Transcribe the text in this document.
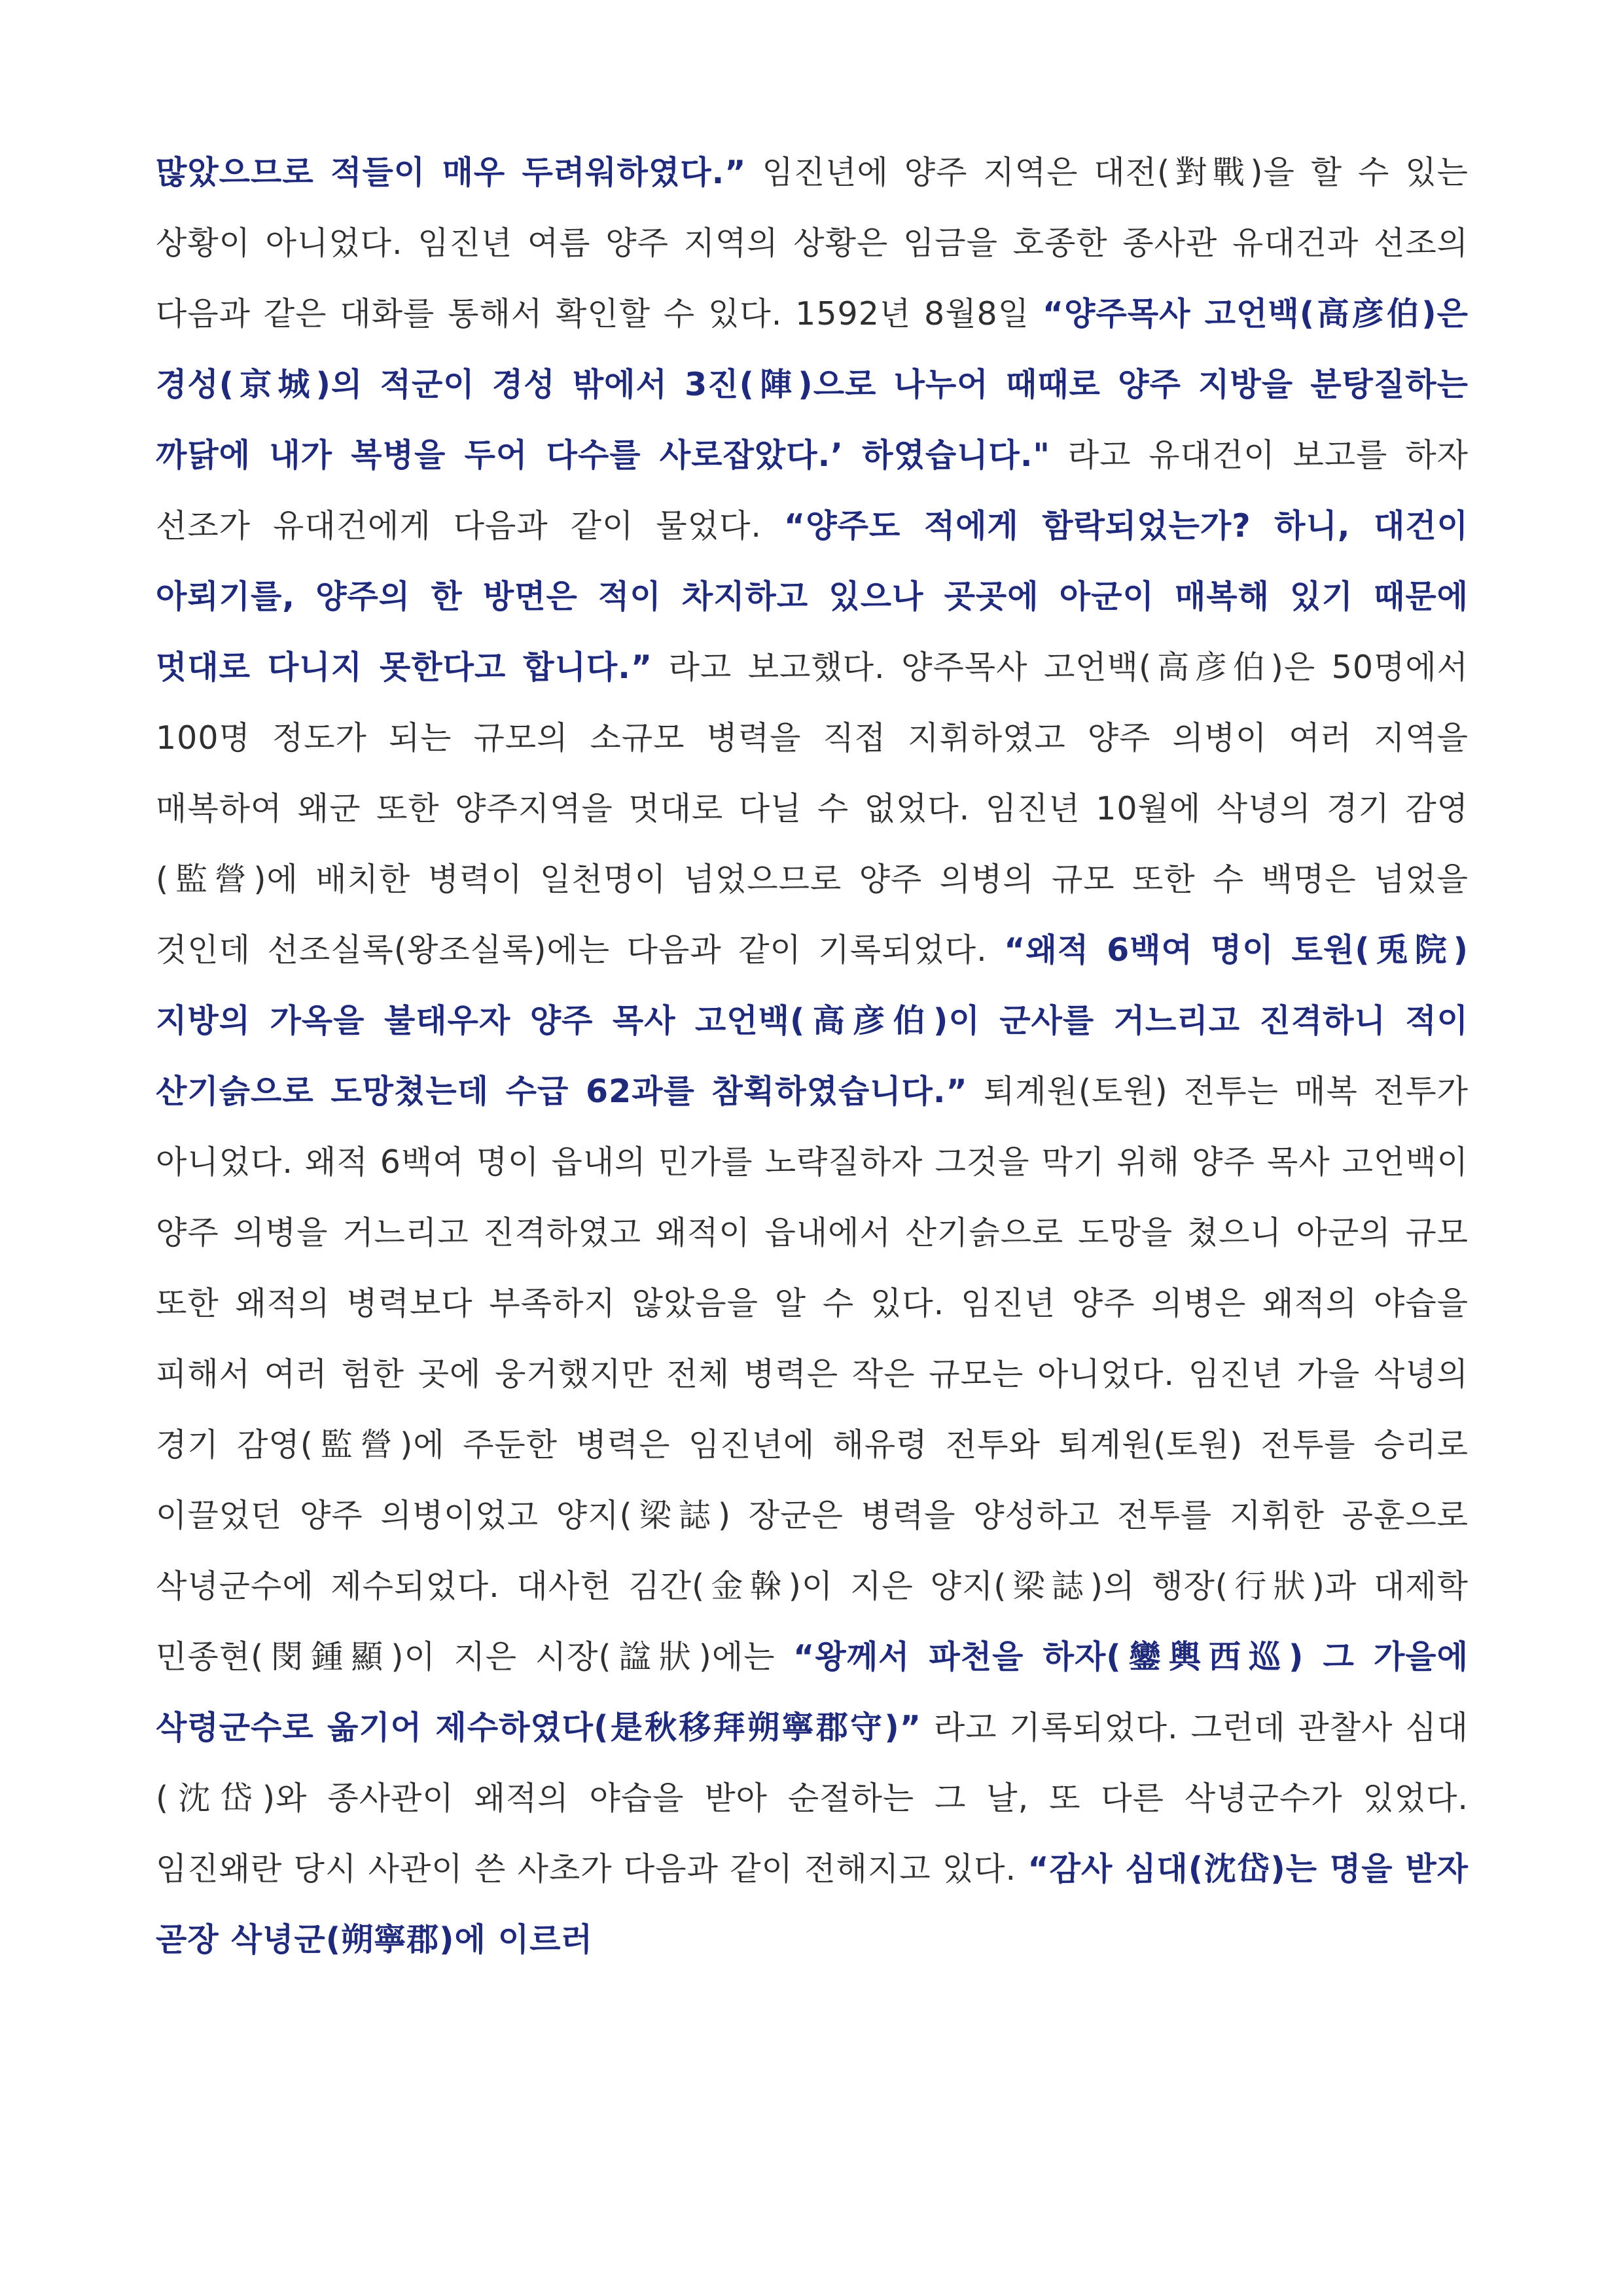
많았으므로 적들이 매우 두려워하였다.” 임진년에 양주 지역은 대전(對戰)을 할 수 있는 상황이 아니었다. 임진년 여름 양주 지역의 상황은 임금을 호종한 종사관 유대건과 선조의 다음과 같은 대화를 통해서 확인할 수 있다. 1592년 8월8일 “양주목사 고언백(高彦伯)은 경성(京城)의 적군이 경성 밖에서 3진(陣)으로 나누어 때때로 양주 지방을 분탕질하는 까닭에 내가 복병을 두어 다수를 사로잡았다.’ 하였습니다." 라고 유대건이 보고를 하자 선조가 유대건에게 다음과 같이 물었다. “양주도 적에게 함락되었는가? 하니, 대건이 아뢰기를, 양주의 한 방면은 적이 차지하고 있으나 곳곳에 아군이 매복해 있기 때문에 멋대로 다니지 못한다고 합니다.” 라고 보고했다. 양주목사 고언백(高彦伯)은 50명에서 100명 정도가 되는 규모의 소규모 병력을 직접 지휘하였고 양주 의병이 여러 지역을 매복하여 왜군 또한 양주지역을 멋대로 다닐 수 없었다. 임진년 10월에 삭녕의 경기 감영(監營)에 배치한 병력이 일천명이 넘었으므로 양주 의병의 규모 또한 수 백명은 넘었을 것인데 선조실록(왕조실록)에는 다음과 같이 기록되었다. “왜적 6백여 명이 토원(兎院) 지방의 가옥을 불태우자 양주 목사 고언백(高彦伯)이 군사를 거느리고 진격하니 적이 산기슭으로 도망쳤는데 수급 62과를 참획하였습니다.” 퇴계원(토원) 전투는 매복 전투가 아니었다. 왜적 6백여 명이 읍내의 민가를 노략질하자 그것을 막기 위해 양주 목사 고언백이 양주 의병을 거느리고 진격하였고 왜적이 읍내에서 산기슭으로 도망을 쳤으니 아군의 규모 또한 왜적의 병력보다 부족하지 않았음을 알 수 있다. 임진년 양주 의병은 왜적의 야습을 피해서 여러 험한 곳에 웅거했지만 전체 병력은 작은 규모는 아니었다. 임진년 가을 삭녕의 경기 감영(監營)에 주둔한 병력은 임진년에 해유령 전투와 퇴계원(토원) 전투를 승리로 이끌었던 양주 의병이었고 양지(梁誌) 장군은 병력을 양성하고 전투를 지휘한 공훈으로 삭녕군수에 제수되었다. 대사헌 김간(金榦)이 지은 양지(梁誌)의 행장(行狀)과 대제학 민종현(閔鍾顯)이 지은 시장(諡狀)에는 “왕께서 파천을 하자(鑾輿西巡) 그 가을에 삭령군수로 옮기어 제수하였다(是秋移拜朔寧郡守)” 라고 기록되었다. 그런데 관찰사 심대(沈岱)와 종사관이 왜적의 야습을 받아 순절하는 그 날, 또 다른 삭녕군수가 있었다. 임진왜란 당시 사관이 쓴 사초가 다음과 같이 전해지고 있다. “감사 심대(沈岱)는 명을 받자 곧장 삭녕군(朔寧郡)에 이르러
